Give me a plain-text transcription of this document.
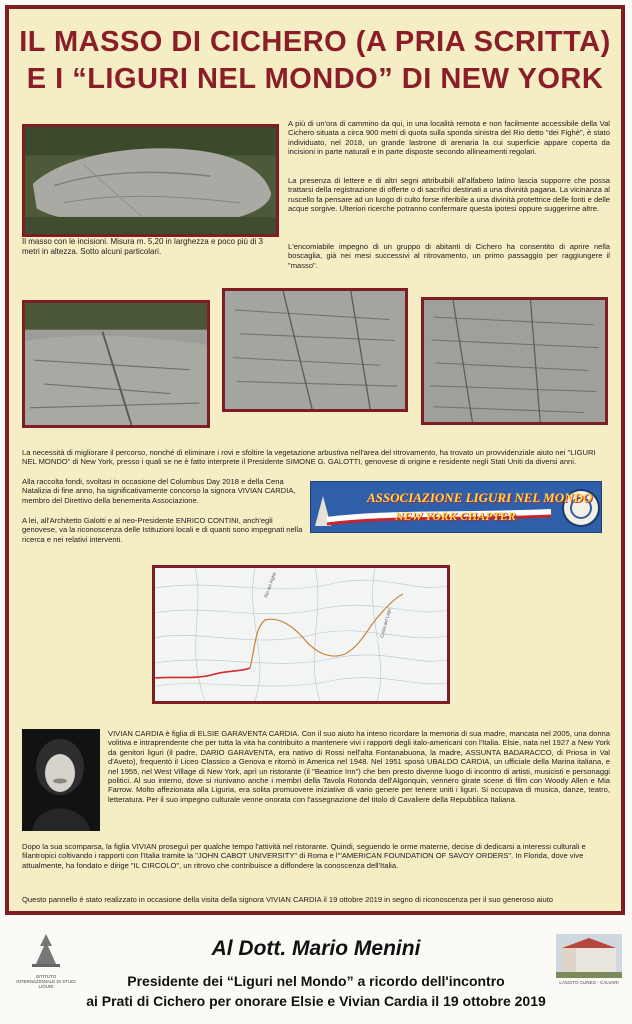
IL MASSO DI CICHERO (A PRIA SCRITTA)
E I “LIGURI NEL MONDO” DI NEW YORK
Il masso con le incisioni. Misura m. 5,20 in larghezza e poco più di 3 metri in altezza. Sotto alcuni particolari.
A più di un'ora di cammino da qui, in una località remota e non facilmente accessibile della Val Cichero situata a circa 900 metri di quota sulla sponda sinistra del Rio detto "dei Fighè", è stato individuato, nel 2018, un grande lastrone di arenaria la cui superficie appare coperta da incisioni in parte naturali e in parte disposte secondo allineamenti regolari.
La presenza di lettere e di altri segni attribuibili all'alfabeto latino lascia supporre che possa trattarsi della registrazione di offerte o di sacrifici destinati a una divinità pagana. La vicinanza al ruscello fa pensare ad un luogo di culto forse riferibile a una divinità protettrice delle fonti e delle acque sorgive. Ulteriori ricerche potranno confermare questa ipotesi oppure suggerirne altre.
L'encomiabile impegno di un gruppo di abitanti di Cichero ha consentito di aprire nella boscaglia, già nei mesi successivi al ritrovamento, un primo passaggio per raggiungere il "masso".
La necessità di migliorare il percorso, nonché di eliminare i rovi e sfoltire la vegetazione arbustiva nell'area del ritrovamento, ha trovato un provvidenziale aiuto nei "LIGURI NEL MONDO" di New York, presso i quali se ne è fatto interprete il Presidente SIMONE G. GALOTTI, genovese di origine e residente negli Stati Uniti da diversi anni.
Alla raccolta fondi, svoltasi in occasione del Columbus Day 2018 e della Cena Natalizia di fine anno, ha significativamente concorso la signora VIVIAN CARDIA, membro del Direttivo della benemerita Associazione.
A lei, all'Architetto Galotti e al neo-Presidente ENRICO CONTINI, anch'egli genovese, va la riconoscenza delle Istituzioni locali e di quanti sono impegnati nella ricerca e nei relativi interventi.
ASSOCIAZIONE LIGURI NEL MONDO
NEW YORK CHAPTER
Rio dei Fighè
Costa del Lago
VIVIAN CARDIA è figlia di ELSIE GARAVENTA CARDIA. Con il suo aiuto ha inteso ricordare la memoria di sua madre, mancata nel 2005, una donna volitiva e intraprendente che per tutta la vita ha contribuito a mantenere vivi i rapporti degli italo-americani con l'Italia. Elsie, nata nel 1927 a New York da genitori liguri (il padre, DARIO GARAVENTA, era nativo di Rossi nell'alta Fontanabuona, la madre, ASSUNTA BADARACCO, di Priosa in Val d'Aveto), frequentò il Liceo Classico a Genova e ritornò in America nel 1948. Nel 1951 sposò UBALDO CARDIA, un ufficiale della Marina italiana, e nel 1955, nel West Village di New York, aprì un ristorante (il "Beatrice Inn") che ben presto divenne luogo di incontro di artisti, musicisti e personaggi politici. Al suo interno, dove si riunivano anche i membri della Tavola Rotonda dell'Algonquin, vennero girate scene di film con Woody Allen e Mia Farrow. Molto affezionata alla Liguria, era solita promuovere iniziative di vario genere per tenere uniti i liguri. Si occupava di musica, danze, teatro, letteratura. Per il suo impegno culturale venne onorata con l'assegnazione del titolo di Cavaliere della Repubblica Italiana.
Dopo la sua scomparsa, la figlia VIVIAN proseguì per qualche tempo l'attività nel ristorante. Quindi, seguendo le orme materne, decise di dedicarsi a interessi culturali e filantropici coltivando i rapporti con l'Italia tramite la "JOHN CABOT UNIVERSITY" di Roma e l'"AMERICAN FOUNDATION OF SAVOY ORDERS". In Florida, dove vive attualmente, ha fondato e dirige "IL CIRCOLO", un ritrovo che contribuisce a diffondere la conoscenza dell'Italia.
Questo pannello è stato realizzato in occasione della visita della signora VIVIAN CARDIA il 19 ottobre 2019 in segno di riconoscenza per il suo generoso aiuto
ISTITUTO INTERNAZIONALE DI STUDI LIGURI
LASCITO CUNEO - CALVARI
Al Dott. Mario Menini
Presidente dei “Liguri nel Mondo” a ricordo dell'incontro
ai Prati di Cichero per onorare Elsie e Vivian Cardia il 19 ottobre 2019
